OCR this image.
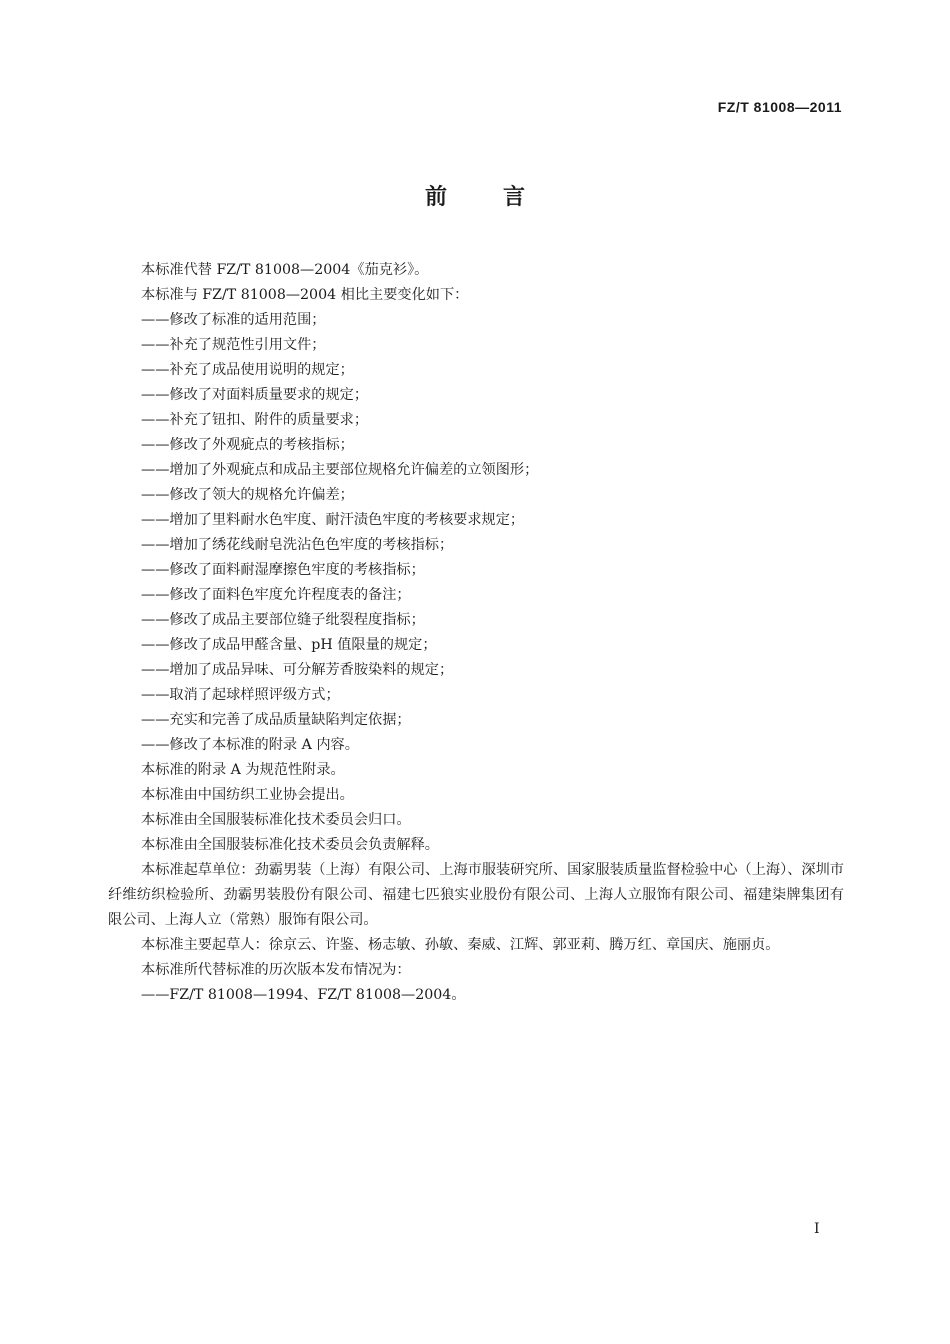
FZ/T 81008—2011
前言

本标准代替 FZ/T 81008—2004《茄克衫》。

本标准与 FZ/T 81008—2004 相比主要变化如下：

——修改了标准的适用范围；

——补充了规范性引用文件；

——补充了成品使用说明的规定；

——修改了对面料质量要求的规定；

——补充了钮扣、附件的质量要求；

——修改了外观疵点的考核指标；

——增加了外观疵点和成品主要部位规格允许偏差的立领图形；

——修改了领大的规格允许偏差；

——增加了里料耐水色牢度、耐汗渍色牢度的考核要求规定；

——增加了绣花线耐皂洗沾色色牢度的考核指标；

——修改了面料耐湿摩擦色牢度的考核指标；

——修改了面料色牢度允许程度表的备注；

——修改了成品主要部位缝子纰裂程度指标；

——修改了成品甲醛含量、pH 值限量的规定；

——增加了成品异味、可分解芳香胺染料的规定；

——取消了起球样照评级方式；

——充实和完善了成品质量缺陷判定依据；

——修改了本标准的附录 A 内容。

本标准的附录 A 为规范性附录。

本标准由中国纺织工业协会提出。

本标准由全国服装标准化技术委员会归口。

本标准由全国服装标准化技术委员会负责解释。

本标准起草单位：劲霸男装（上海）有限公司、上海市服装研究所、国家服装质量监督检验中心（上海）、深圳市纤维纺织检验所、劲霸男装股份有限公司、福建七匹狼实业股份有限公司、上海人立服饰有限公司、福建柒牌集团有限公司、上海人立（常熟）服饰有限公司。

本标准主要起草人：徐京云、许鉴、杨志敏、孙敏、秦威、江辉、郭亚莉、腾万红、章国庆、施丽贞。

本标准所代替标准的历次版本发布情况为：

——FZ/T 81008—1994、FZ/T 81008—2004。

I
